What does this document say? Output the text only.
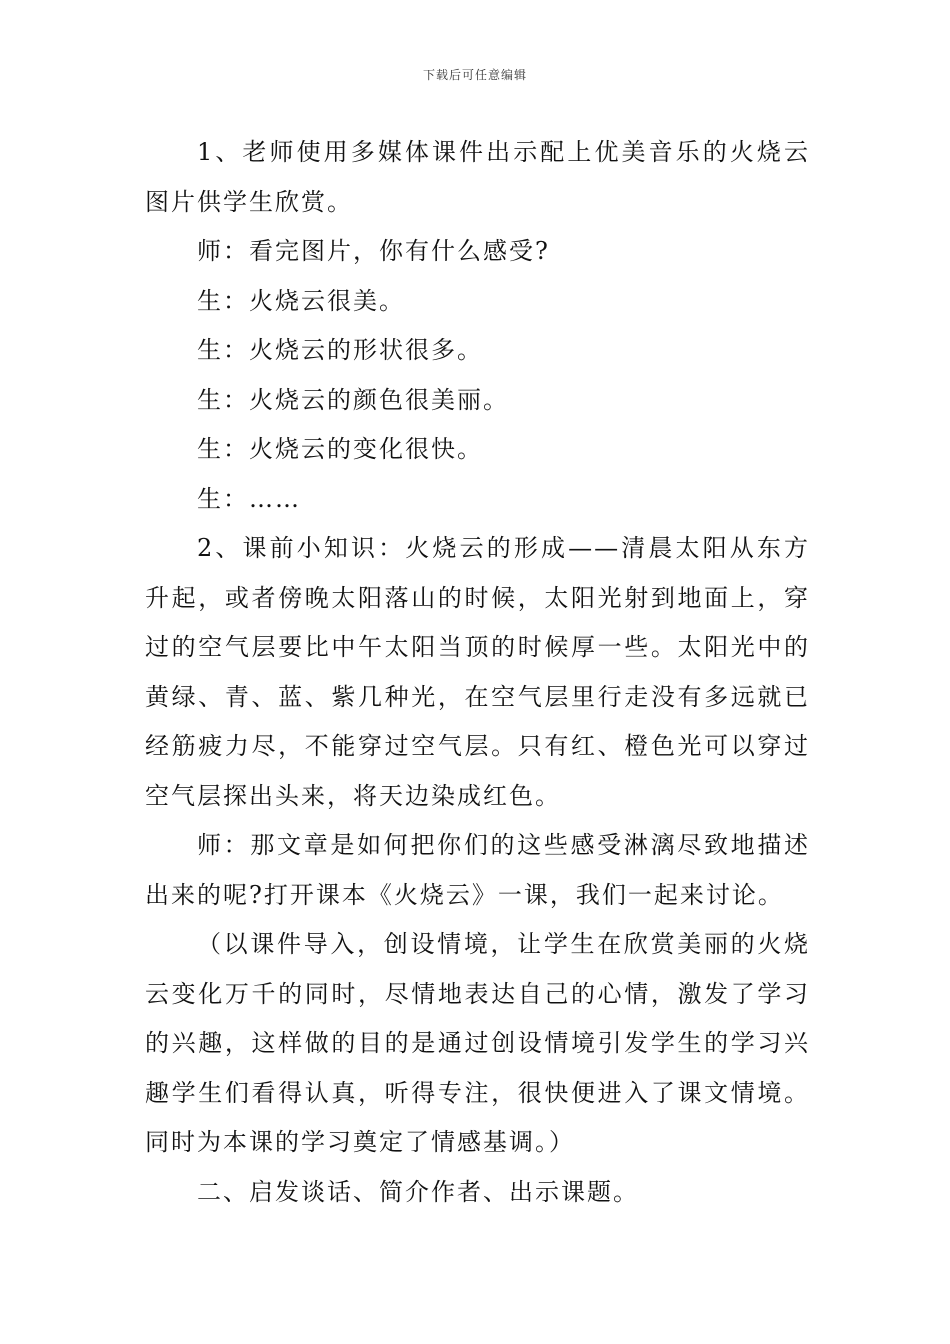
下载后可任意编辑

1、老师使用多媒体课件出示配上优美音乐的火烧云图片供学生欣赏。

师：看完图片，你有什么感受?

生：火烧云很美。

生：火烧云的形状很多。

生：火烧云的颜色很美丽。

生：火烧云的变化很快。

生：……

2、课前小知识：火烧云的形成——清晨太阳从东方升起，或者傍晚太阳落山的时候，太阳光射到地面上，穿过的空气层要比中午太阳当顶的时候厚一些。太阳光中的黄绿、青、蓝、紫几种光，在空气层里行走没有多远就已经筋疲力尽，不能穿过空气层。只有红、橙色光可以穿过空气层探出头来，将天边染成红色。

师：那文章是如何把你们的这些感受淋漓尽致地描述出来的呢?打开课本《火烧云》一课，我们一起来讨论。

（以课件导入，创设情境，让学生在欣赏美丽的火烧云变化万千的同时，尽情地表达自己的心情，激发了学习的兴趣，这样做的目的是通过创设情境引发学生的学习兴趣学生们看得认真，听得专注，很快便进入了课文情境。同时为本课的学习奠定了情感基调。）

二、启发谈话、简介作者、出示课题。
